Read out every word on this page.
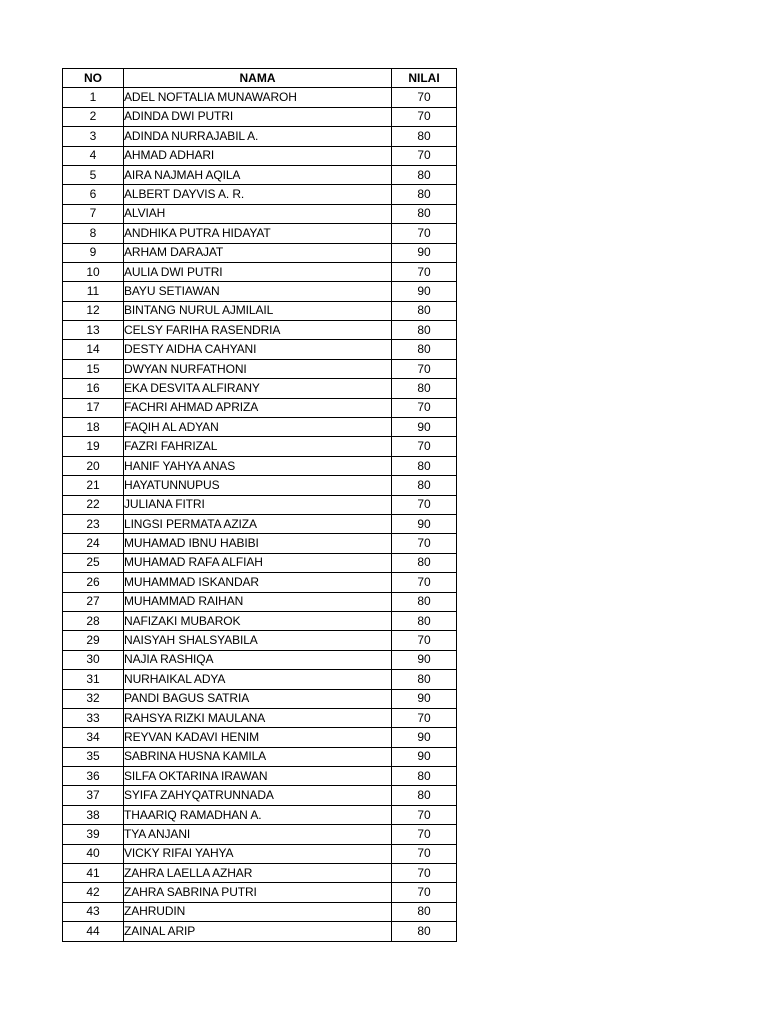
NO	NAMA	NILAI
1	ADEL NOFTALIA MUNAWAROH	70
2	ADINDA DWI PUTRI	70
3	ADINDA NURRAJABIL A.	80
4	AHMAD ADHARI	70
5	AIRA NAJMAH AQILA	80
6	ALBERT DAYVIS A. R.	80
7	ALVIAH	80
8	ANDHIKA PUTRA HIDAYAT	70
9	ARHAM DARAJAT	90
10	AULIA DWI PUTRI	70
11	BAYU SETIAWAN	90
12	BINTANG NURUL AJMILAIL	80
13	CELSY FARIHA RASENDRIA	80
14	DESTY AIDHA CAHYANI	80
15	DWYAN NURFATHONI	70
16	EKA DESVITA ALFIRANY	80
17	FACHRI AHMAD APRIZA	70
18	FAQIH AL ADYAN	90
19	FAZRI FAHRIZAL	70
20	HANIF YAHYA ANAS	80
21	HAYATUNNUPUS	80
22	JULIANA FITRI	70
23	LINGSI PERMATA AZIZA	90
24	MUHAMAD IBNU HABIBI	70
25	MUHAMAD RAFA ALFIAH	80
26	MUHAMMAD ISKANDAR	70
27	MUHAMMAD RAIHAN	80
28	NAFIZAKI MUBAROK	80
29	NAISYAH SHALSYABILA	70
30	NAJIA RASHIQA	90
31	NURHAIKAL ADYA	80
32	PANDI BAGUS SATRIA	90
33	RAHSYA RIZKI MAULANA	70
34	REYVAN KADAVI HENIM	90
35	SABRINA HUSNA KAMILA	90
36	SILFA OKTARINA IRAWAN	80
37	SYIFA ZAHYQATRUNNADA	80
38	THAARIQ RAMADHAN A.	70
39	TYA ANJANI	70
40	VICKY RIFAI YAHYA	70
41	ZAHRA LAELLA AZHAR	70
42	ZAHRA SABRINA PUTRI	70
43	ZAHRUDIN	80
44	ZAINAL ARIP	80
